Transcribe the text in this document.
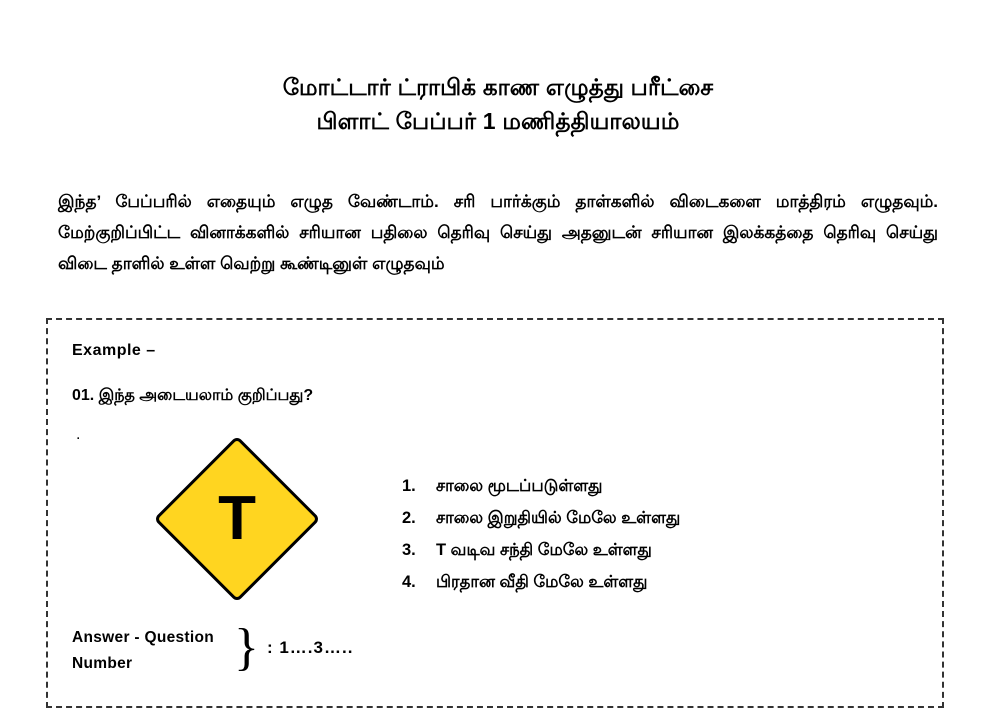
மோட்டார் ட்ராபிக் காண எழுத்து பரீட்சை
பிளாட் பேப்பர் 1 மணித்தியாலயம்
இந்த’ பேப்பரில் எதையும் எழுத வேண்டாம். சரி பார்க்கும் தாள்களில் விடைகளை மாத்திரம் எழுதவும். மேற்குறிப்பிட்ட வினாக்களில் சரியான பதிலை தெரிவு செய்து அதனுடன் சரியான இலக்கத்தை தெரிவு செய்து விடை தாளில் உள்ள வெற்று கூண்டினுள் எழுதவும்
Example –
01. இந்த அடையலாம் குறிப்பது?
.
T	1.	சாலை மூடப்படுள்ளது
2.	சாலை இறுதியில் மேலே உள்ளது
3.	T வடிவ சந்தி மேலே உள்ளது
4.	பிரதான வீதி மேலே உள்ளது
Answer - Question
Number	} : 1….3…..
